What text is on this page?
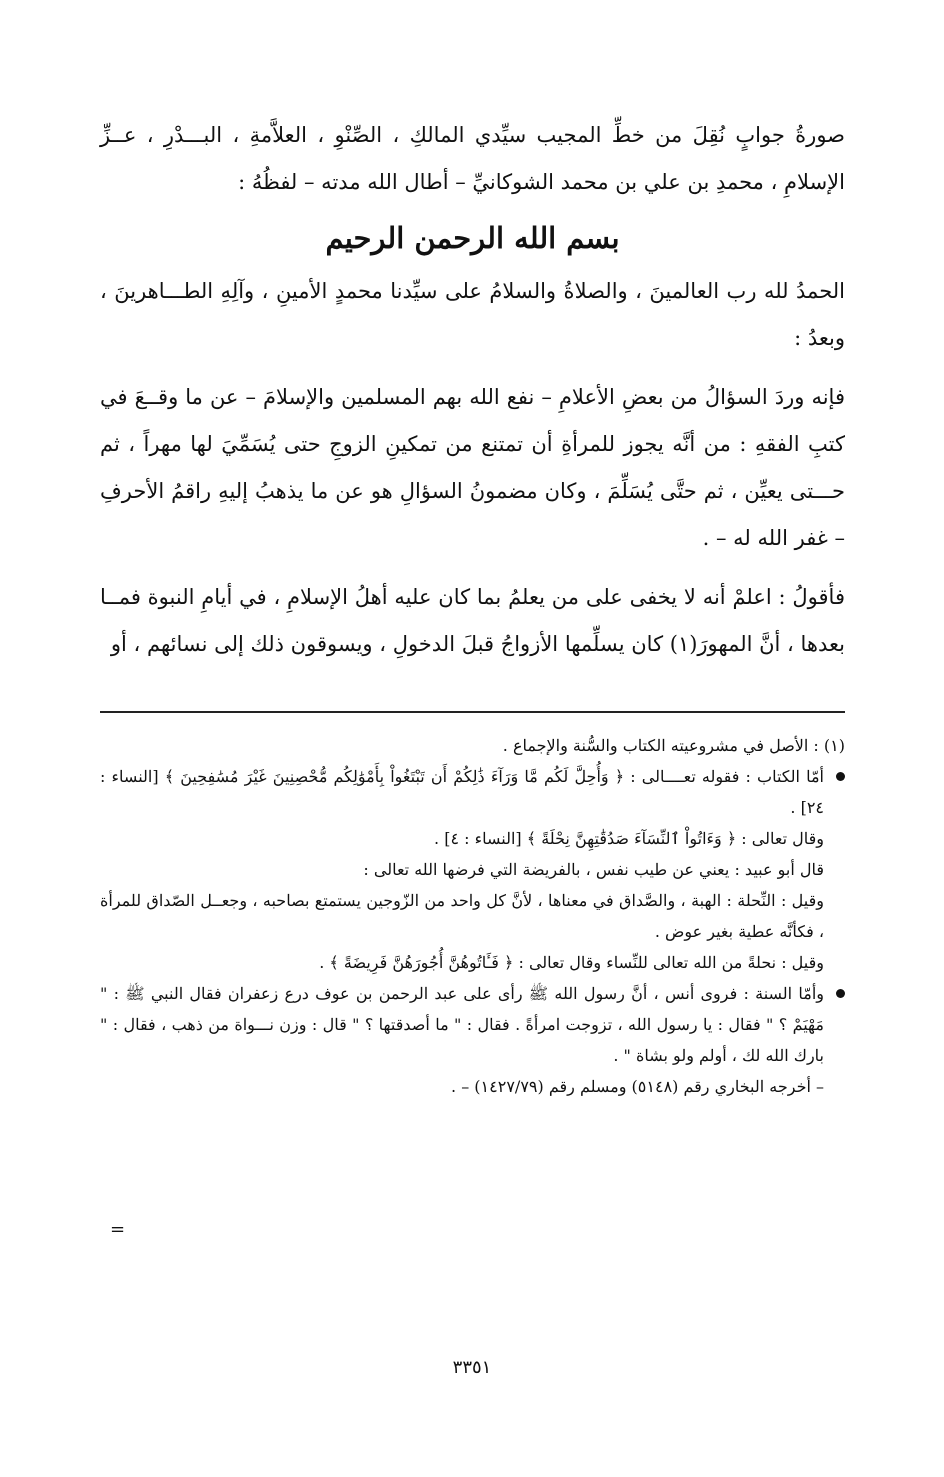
صورةُ جوابٍ نُقِلَ من خطِّ المجيب سيِّدي المالكِ ، الصِّنْوِ ، العلاَّمةِ ، البـــدْرِ ، عــزِّ الإسلامِ ، محمدِ بن علي بن محمد الشوكانيِّ – أطال الله مدته – لفظُهُ :

بسم الله الرحمن الرحيم

الحمدُ لله رب العالمينَ ، والصلاةُ والسلامُ على سيِّدنا محمدٍ الأمينِ ، وآلِهِ الطـــاهرينَ ، وبعدُ :

فإنه وردَ السؤالُ من بعضِ الأعلامِ – نفع الله بهم المسلمين والإسلامَ – عن ما وقــعَ في كتبِ الفقهِ : من أنَّه يجوز للمرأةِ أن تمتنع من تمكينِ الزوجِ حتى يُسَمِّيَ لها مهراً ، ثم حـــتى يعيِّن ، ثم حتَّى يُسَلِّمَ ، وكان مضمونُ السؤالِ هو عن ما يذهبُ إليهِ راقمُ الأحرفِ – غفر الله له – .

فأقولُ : اعلمْ أنه لا يخفى على من يعلمُ بما كان عليه أهلُ الإسلامِ ، في أيامِ النبوة فمــا بعدها ، أنَّ المهورَ(١) كان يسلِّمها الأزواجُ قبلَ الدخولِ ، ويسوقون ذلك إلى نسائهم ، أو

(١) : الأصل في مشروعيته الكتاب والسُّنة والإجماع .

أمّا الكتاب : فقوله تعــــالى : ﴿ وَأُحِلَّ لَكُم مَّا وَرَآءَ ذَٰلِكُمْ أَن تَبْتَغُواْ بِأَمْوَٰلِكُم مُّحْصِنِينَ غَيْرَ مُسَٰفِحِينَ ﴾ [النساء : ٢٤] .

وقال تعالى : ﴿ وَءَاتُواْ ٱلنِّسَآءَ صَدُقَٰتِهِنَّ نِحْلَةً ﴾ [النساء : ٤] .

قال أبو عبيد : يعني عن طيب نفس ، بالفريضة التي فرضها الله تعالى :

وقيل : النِّحلة : الهبة ، والصَّداق في معناها ، لأنَّ كل واحد من الزّوجين يستمتع بصاحبه ، وجعــل الصّداق للمرأة ، فكأنَّه عطية بغير عوض .

وقيل : نحلةً من الله تعالى للنِّساء وقال تعالى : ﴿ فَـَٔاتُوهُنَّ أُجُورَهُنَّ فَرِيضَةً ﴾ .

وأمّا السنة : فروى أنس ، أنَّ رسول الله ﷺ رأى على عبد الرحمن بن عوف درع زعفران فقال النبي ﷺ : " مَهْيَمْ ؟ " فقال : يا رسول الله ، تزوجت امرأةً . فقال : " ما أصدقتها ؟ " قال : وزن نـــواة من ذهب ، فقال : " بارك الله لك ، أولم ولو بشاة " .

– أخرجه البخاري رقم (٥١٤٨) ومسلم رقم (١٤٢٧/٧٩) – .

=
٣٣٥١
